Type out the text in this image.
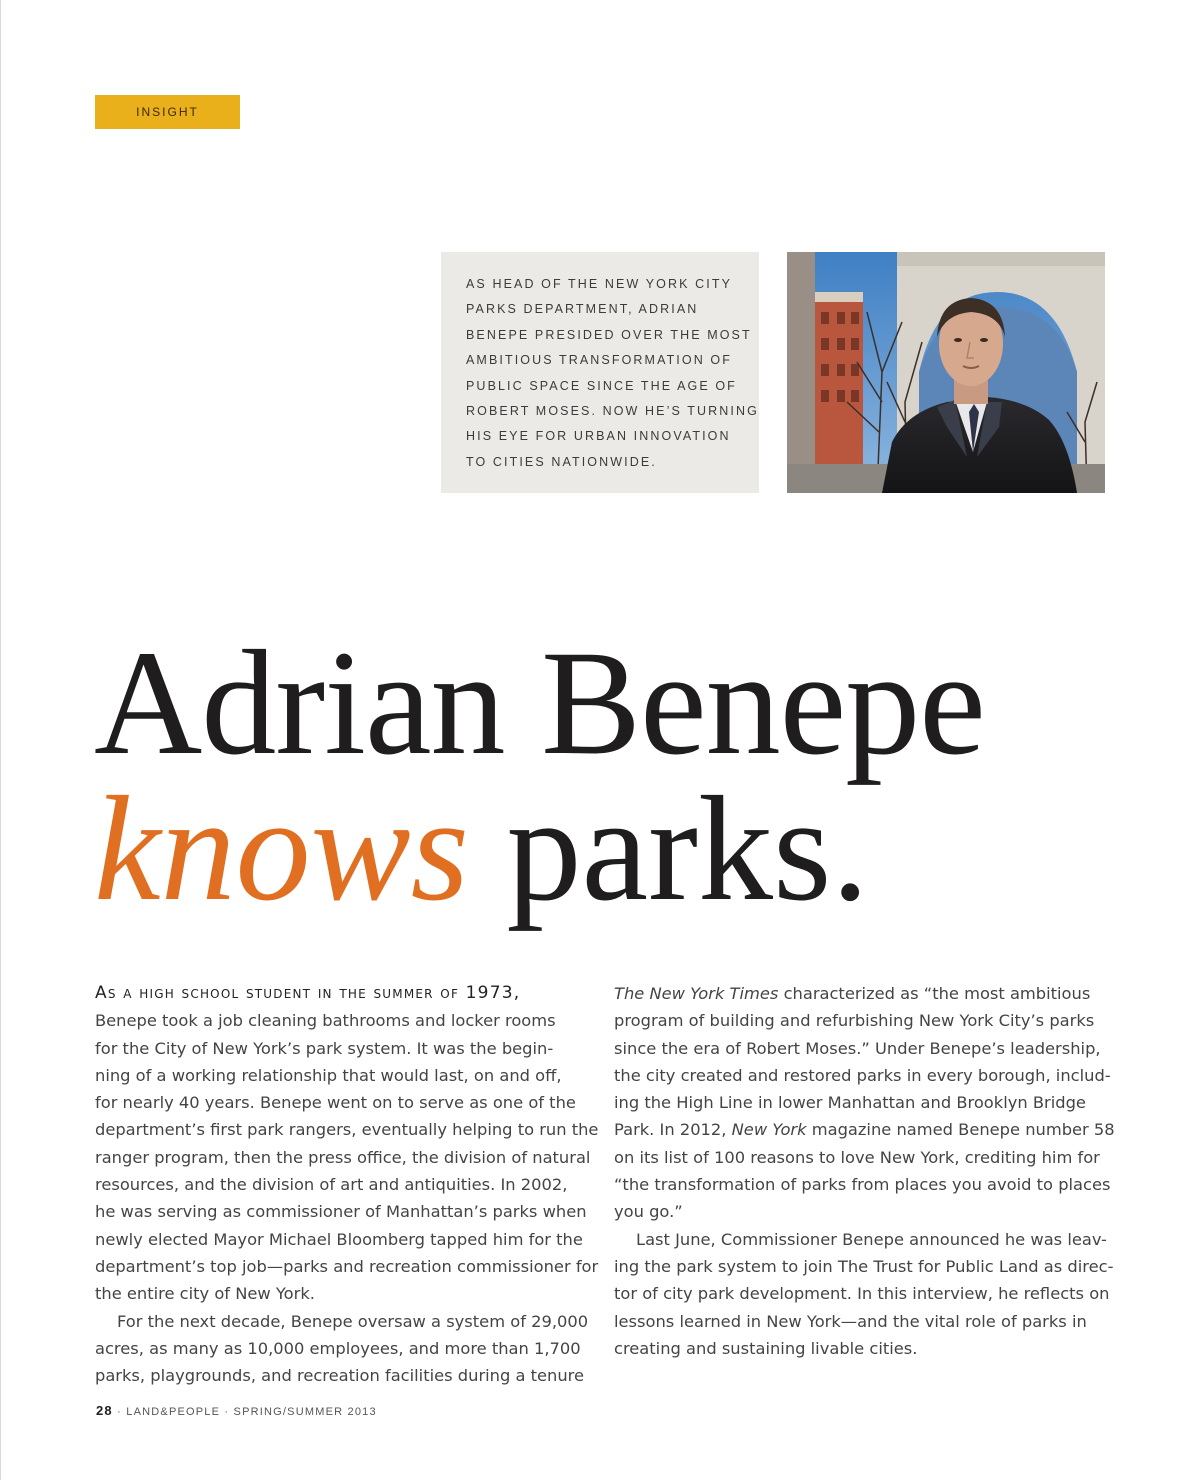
INSIGHT
AS HEAD OF THE NEW YORK CITY
PARKS DEPARTMENT, ADRIAN
BENEPE PRESIDED OVER THE MOST
AMBITIOUS TRANSFORMATION OF
PUBLIC SPACE SINCE THE AGE OF
ROBERT MOSES. NOW HE’S TURNING
HIS EYE FOR URBAN INNOVATION
TO CITIES NATIONWIDE.
Adrian Benepe
knows parks.
As a high school student in the summer of 1973,
Benepe took a job cleaning bathrooms and locker rooms
for the City of New York’s park system. It was the begin-
ning of a working relationship that would last, on and off,
for nearly 40 years. Benepe went on to serve as one of the
department’s first park rangers, eventually helping to run the
ranger program, then the press office, the division of natural
resources, and the division of art and antiquities. In 2002,
he was serving as commissioner of Manhattan’s parks when
newly elected Mayor Michael Bloomberg tapped him for the
department’s top job—parks and recreation commissioner for
the entire city of New York.
For the next decade, Benepe oversaw a system of 29,000
acres, as many as 10,000 employees, and more than 1,700
parks, playgrounds, and recreation facilities during a tenure
The New York Times characterized as “the most ambitious
program of building and refurbishing New York City’s parks
since the era of Robert Moses.” Under Benepe’s leadership,
the city created and restored parks in every borough, includ-
ing the High Line in lower Manhattan and Brooklyn Bridge
Park. In 2012, New York magazine named Benepe number 58
on its list of 100 reasons to love New York, crediting him for
“the transformation of parks from places you avoid to places
you go.”
Last June, Commissioner Benepe announced he was leav-
ing the park system to join The Trust for Public Land as direc-
tor of city park development. In this interview, he reflects on
lessons learned in New York—and the vital role of parks in
creating and sustaining livable cities.
28 · LAND&PEOPLE · SPRING/SUMMER 2013
